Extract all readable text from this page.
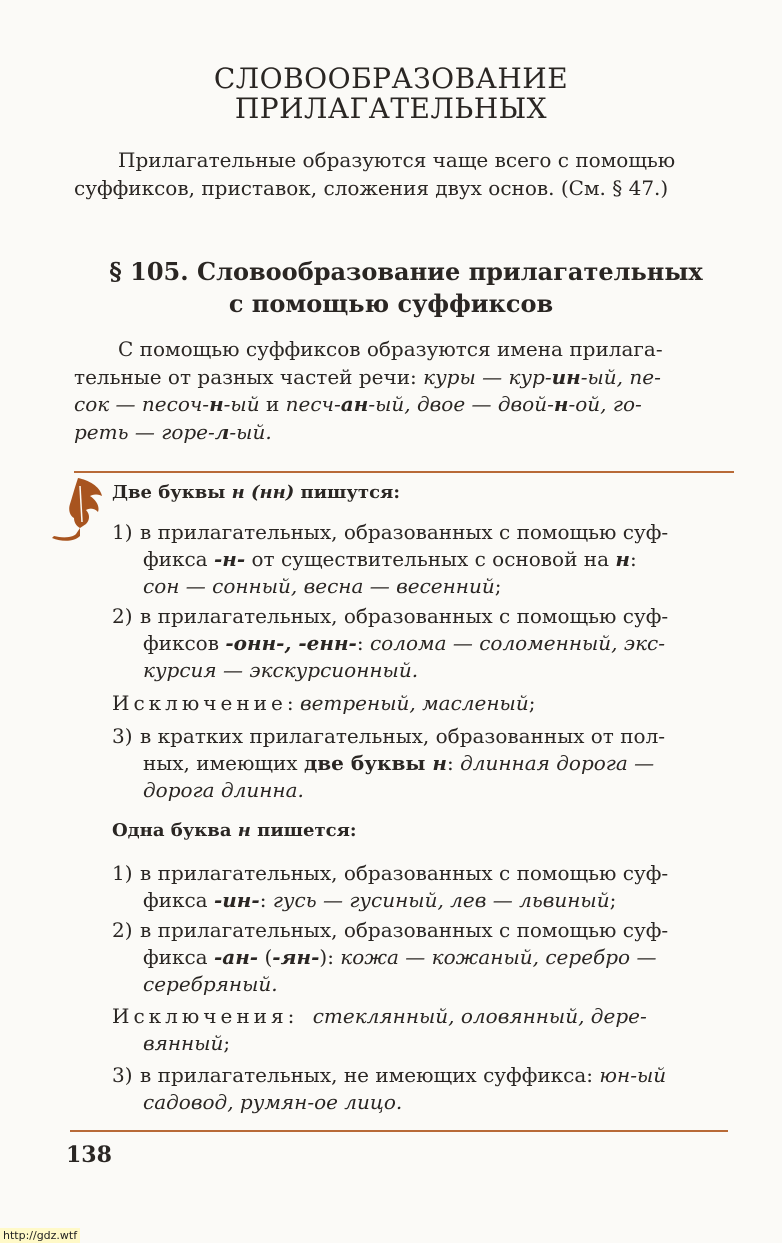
СЛОВООБРАЗОВАНИЕ
ПРИЛАГАТЕЛЬНЫХ
Прилагательные образуются чаще всего с помощью
суффиксов, приставок, сложения двух основ. (См. § 47.)
§ 105. Словообразование прилагательных
с помощью суффиксов
С помощью суффиксов образуются имена прилага-
тельные от разных частей речи: куры — кур-ин-ый, пе-
сок — песоч-н-ый и песч-ан-ый, двое — двой-н-ой, го-
реть — горе-л-ый.
Две буквы н (нн) пишутся:
1) в прилагательных, образованных с помощью суф-
фикса -н- от существительных с основой на н:
сон — сонный, весна — весенний;
2) в прилагательных, образованных с помощью суф-
фиксов -онн-, -енн-: солома — соломенный, экс-
курсия — экскурсионный.
Исключение: ветреный, масленый;
3) в кратких прилагательных, образованных от пол-
ных, имеющих две буквы н: длинная дорога —
дорога длинна.
Одна буква н пишется:
1) в прилагательных, образованных с помощью суф-
фикса -ин-: гусь — гусиный, лев — львиный;
2) в прилагательных, образованных с помощью суф-
фикса -ан- (-ян-): кожа — кожаный, серебро —
серебряный.
Исключения: стеклянный, оловянный, дере-
вянный;
3) в прилагательных, не имеющих суффикса: юн-ый
садовод, румян-ое лицо.
138
http://gdz.wtf
